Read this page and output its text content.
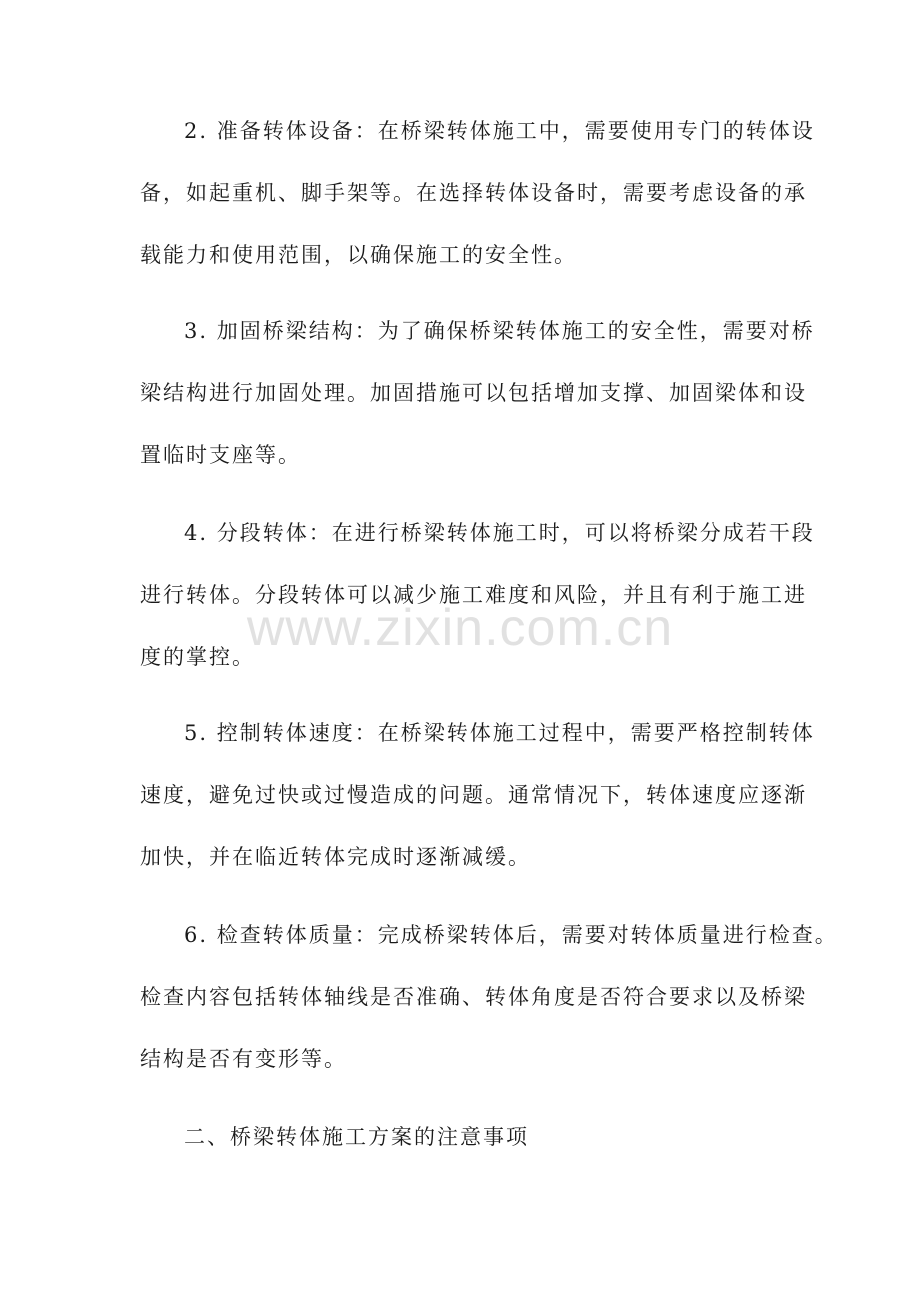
2. 准备转体设备：在桥梁转体施工中，需要使用专门的转体设
备，如起重机、脚手架等。在选择转体设备时，需要考虑设备的承
载能力和使用范围，以确保施工的安全性。
3. 加固桥梁结构：为了确保桥梁转体施工的安全性，需要对桥
梁结构进行加固处理。加固措施可以包括增加支撑、加固梁体和设
置临时支座等。
4. 分段转体：在进行桥梁转体施工时，可以将桥梁分成若干段
进行转体。分段转体可以减少施工难度和风险，并且有利于施工进
度的掌控。
5. 控制转体速度：在桥梁转体施工过程中，需要严格控制转体
速度，避免过快或过慢造成的问题。通常情况下，转体速度应逐渐
加快，并在临近转体完成时逐渐减缓。
6. 检查转体质量：完成桥梁转体后，需要对转体质量进行检查。
检查内容包括转体轴线是否准确、转体角度是否符合要求以及桥梁
结构是否有变形等。
二、桥梁转体施工方案的注意事项
www.zixin.com.cn
